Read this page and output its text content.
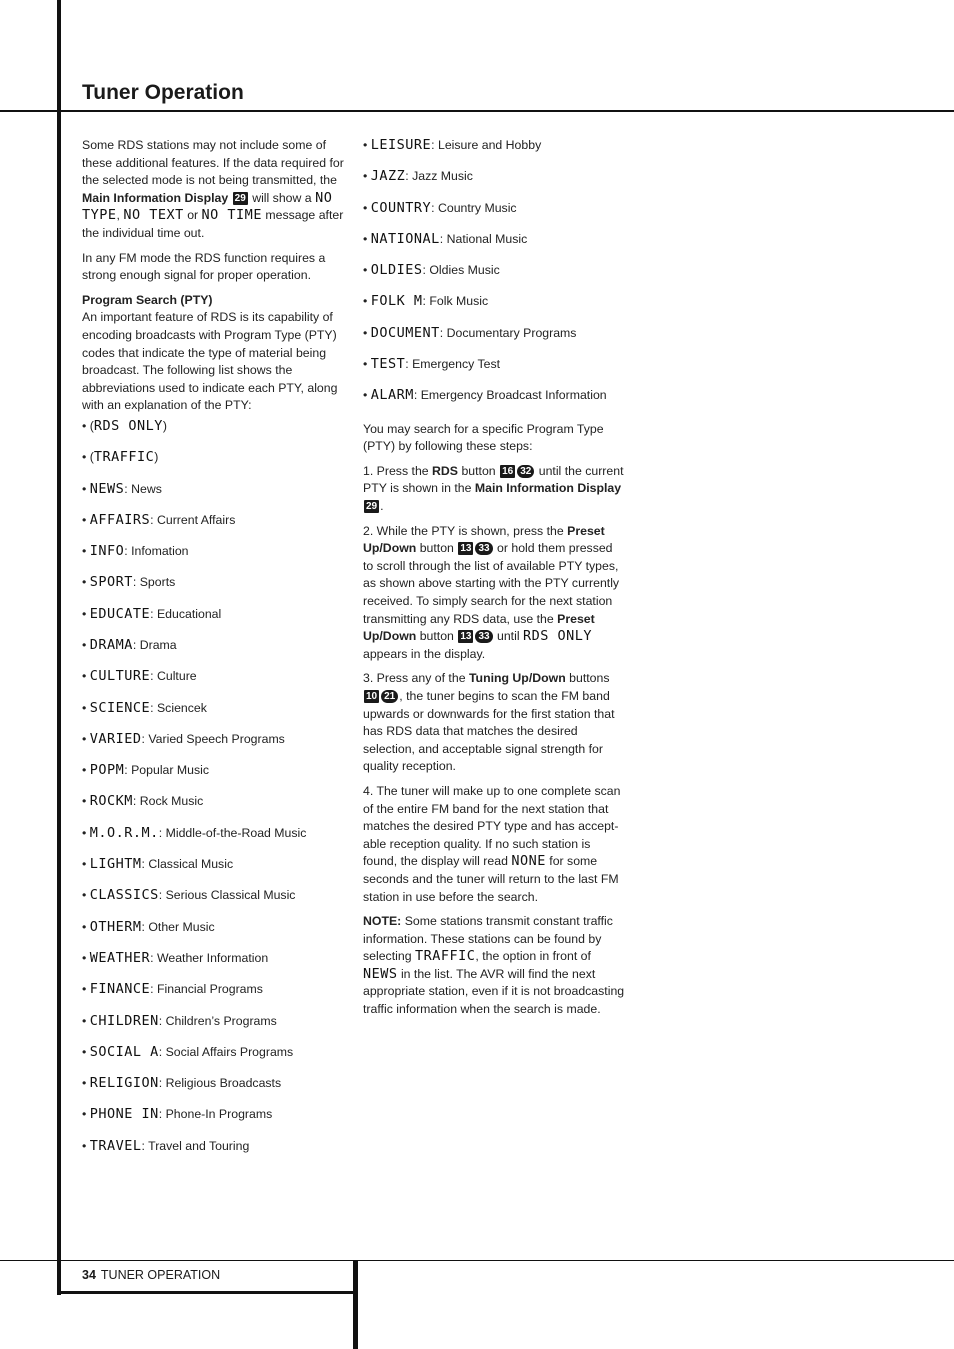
Tuner Operation
34 TUNER OPERATION

Some RDS stations may not include some of these additional features. If the data required for the selected mode is not being transmitted, the Main Information Display 29 will show a NO TYPE, NO TEXT or NO TIME message after the individual time out.

In any FM mode the RDS function requires a strong enough signal for proper operation.

Program Search (PTY)
An important feature of RDS is its capability of encoding broadcasts with Program Type (PTY) codes that indicate the type of material being broadcast. The following list shows the abbreviations used to indicate each PTY, along with an explanation of the PTY:

• (RDS ONLY)
• (TRAFFIC)
• NEWS: News
• AFFAIRS: Current Affairs
• INFO: Infomation
• SPORT: Sports
• EDUCATE: Educational
• DRAMA: Drama
• CULTURE: Culture
• SCIENCE: Sciencek
• VARIED: Varied Speech Programs
• POPM: Popular Music
• ROCKM: Rock Music
• M.O.R.M.: Middle-of-the-Road Music
• LIGHTM: Classical Music
• CLASSICS: Serious Classical Music
• OTHERM: Other Music
• WEATHER: Weather Information
• FINANCE: Financial Programs
• CHILDREN: Children’s Programs
• SOCIAL A: Social Affairs Programs
• RELIGION: Religious Broadcasts
• PHONE IN: Phone-In Programs
• TRAVEL: Travel and Touring
• LEISURE: Leisure and Hobby
• JAZZ: Jazz Music
• COUNTRY: Country Music
• NATIONAL: National Music
• OLDIES: Oldies Music
• FOLK M: Folk Music
• DOCUMENT: Documentary Programs
• TEST: Emergency Test
• ALARM: Emergency Broadcast Information

You may search for a specific Program Type (PTY) by following these steps:

1. Press the RDS button 16 32 until the current PTY is shown in the Main Information Display 29 .

2. While the PTY is shown, press the Preset Up/Down button 13 33 or hold them pressed to scroll through the list of available PTY types, as shown above starting with the PTY currently received. To simply search for the next station transmitting any RDS data, use the Preset Up/Down button 13 33 until RDS ONLY appears in the display.

3. Press any of the Tuning Up/Down buttons 10 21 , the tuner begins to scan the FM band upwards or downwards for the first station that has RDS data that matches the desired selection, and acceptable signal strength for quality reception.

4. The tuner will make up to one complete scan of the entire FM band for the next station that matches the desired PTY type and has accept-able reception quality. If no such station is found, the display will read NONE for some seconds and the tuner will return to the last FM station in use before the search.

NOTE: Some stations transmit constant traffic information. These stations can be found by selecting TRAFFIC, the option in front of NEWS in the list. The AVR will find the next appropriate station, even if it is not broadcasting traffic information when the search is made.
